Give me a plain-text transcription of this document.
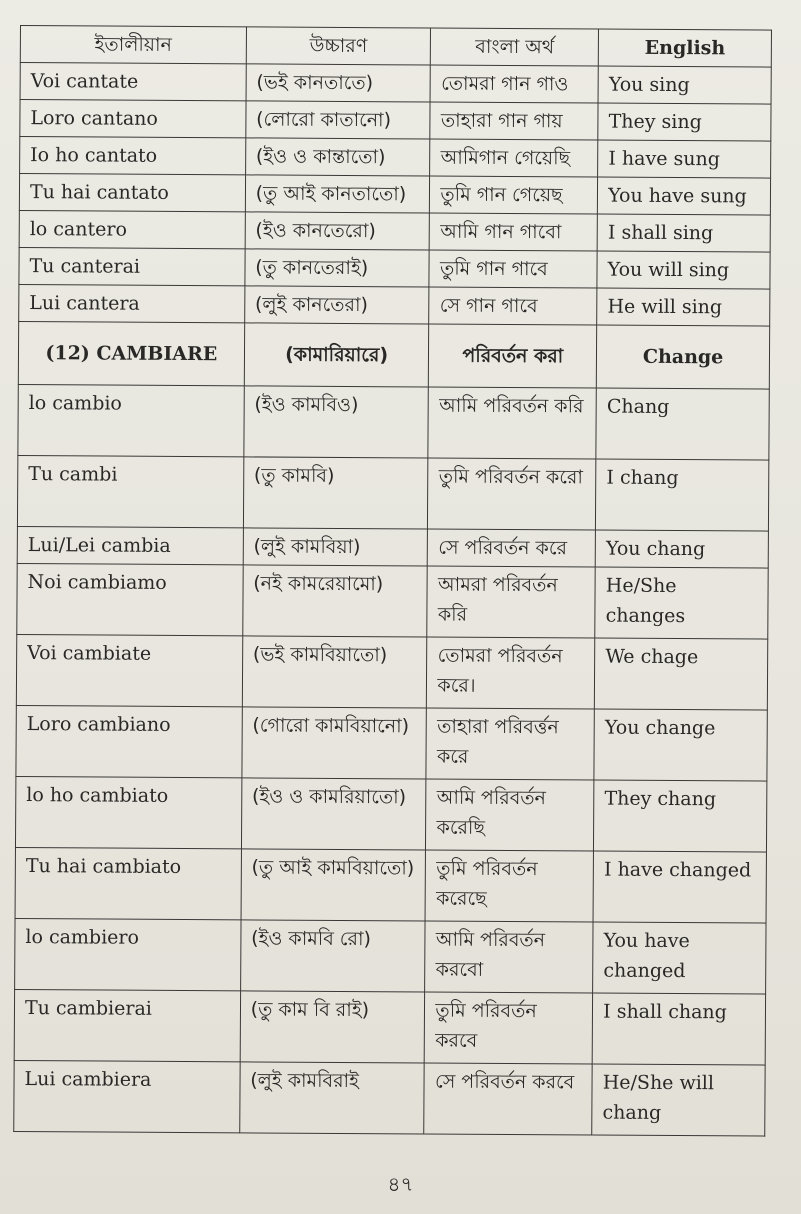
ইতালীয়ান	উচ্চারণ	বাংলা অর্থ	English
Voi cantate	(ভই কানতাতে)	তোমরা গান গাও	You sing
Loro cantano	(লোরো কাতানো)	তাহারা গান গায়	They sing
Io ho cantato	(ইও ও কান্তাতো)	আমিগান গেয়েছি	I have sung
Tu hai cantato	(তু আই কানতাতো)	তুমি গান গেয়েছ	You have sung
lo cantero	(ইও কানতেরো)	আমি গান গাবো	I shall sing
Tu canterai	(তু কানতেরাই)	তুমি গান গাবে	You will sing
Lui cantera	(লুই কানতেরা)	সে গান গাবে	He will sing
(12) CAMBIARE	(কামারিয়ারে)	পরিবর্তন করা	Change
lo cambio	(ইও কামবিও)	আমি পরিবর্তন করি	Chang
Tu cambi	(তু কামবি)	তুমি পরিবর্তন করো	I chang
Lui/Lei cambia	(লুই কামবিয়া)	সে পরিবর্তন করে	You chang
Noi cambiamo	(নই কামরেয়ামো)	আমরা পরিবর্তন করি	He/She changes
Voi cambiate	(ভই কামবিয়াতো)	তোমরা পরিবর্তন করে।	We chage
Loro cambiano	(গোরো কামবিয়ানো)	তাহারা পরিবর্ত্তন করে	You change
lo ho cambiato	(ইও ও কামরিয়াতো)	আমি পরিবর্তন করেছি	They chang
Tu hai cambiato	(তু আই কামবিয়াতো)	তুমি পরিবর্তন করেছে	I have changed
lo cambiero	(ইও কামবি রো)	আমি পরিবর্তন করবো	You have changed
Tu cambierai	(তু কাম বি রাই)	তুমি পরিবর্তন করবে	I shall chang
Lui cambiera	(লুই কামবিরাই	সে পরিবর্তন করবে	He/She will chang
৪৭
